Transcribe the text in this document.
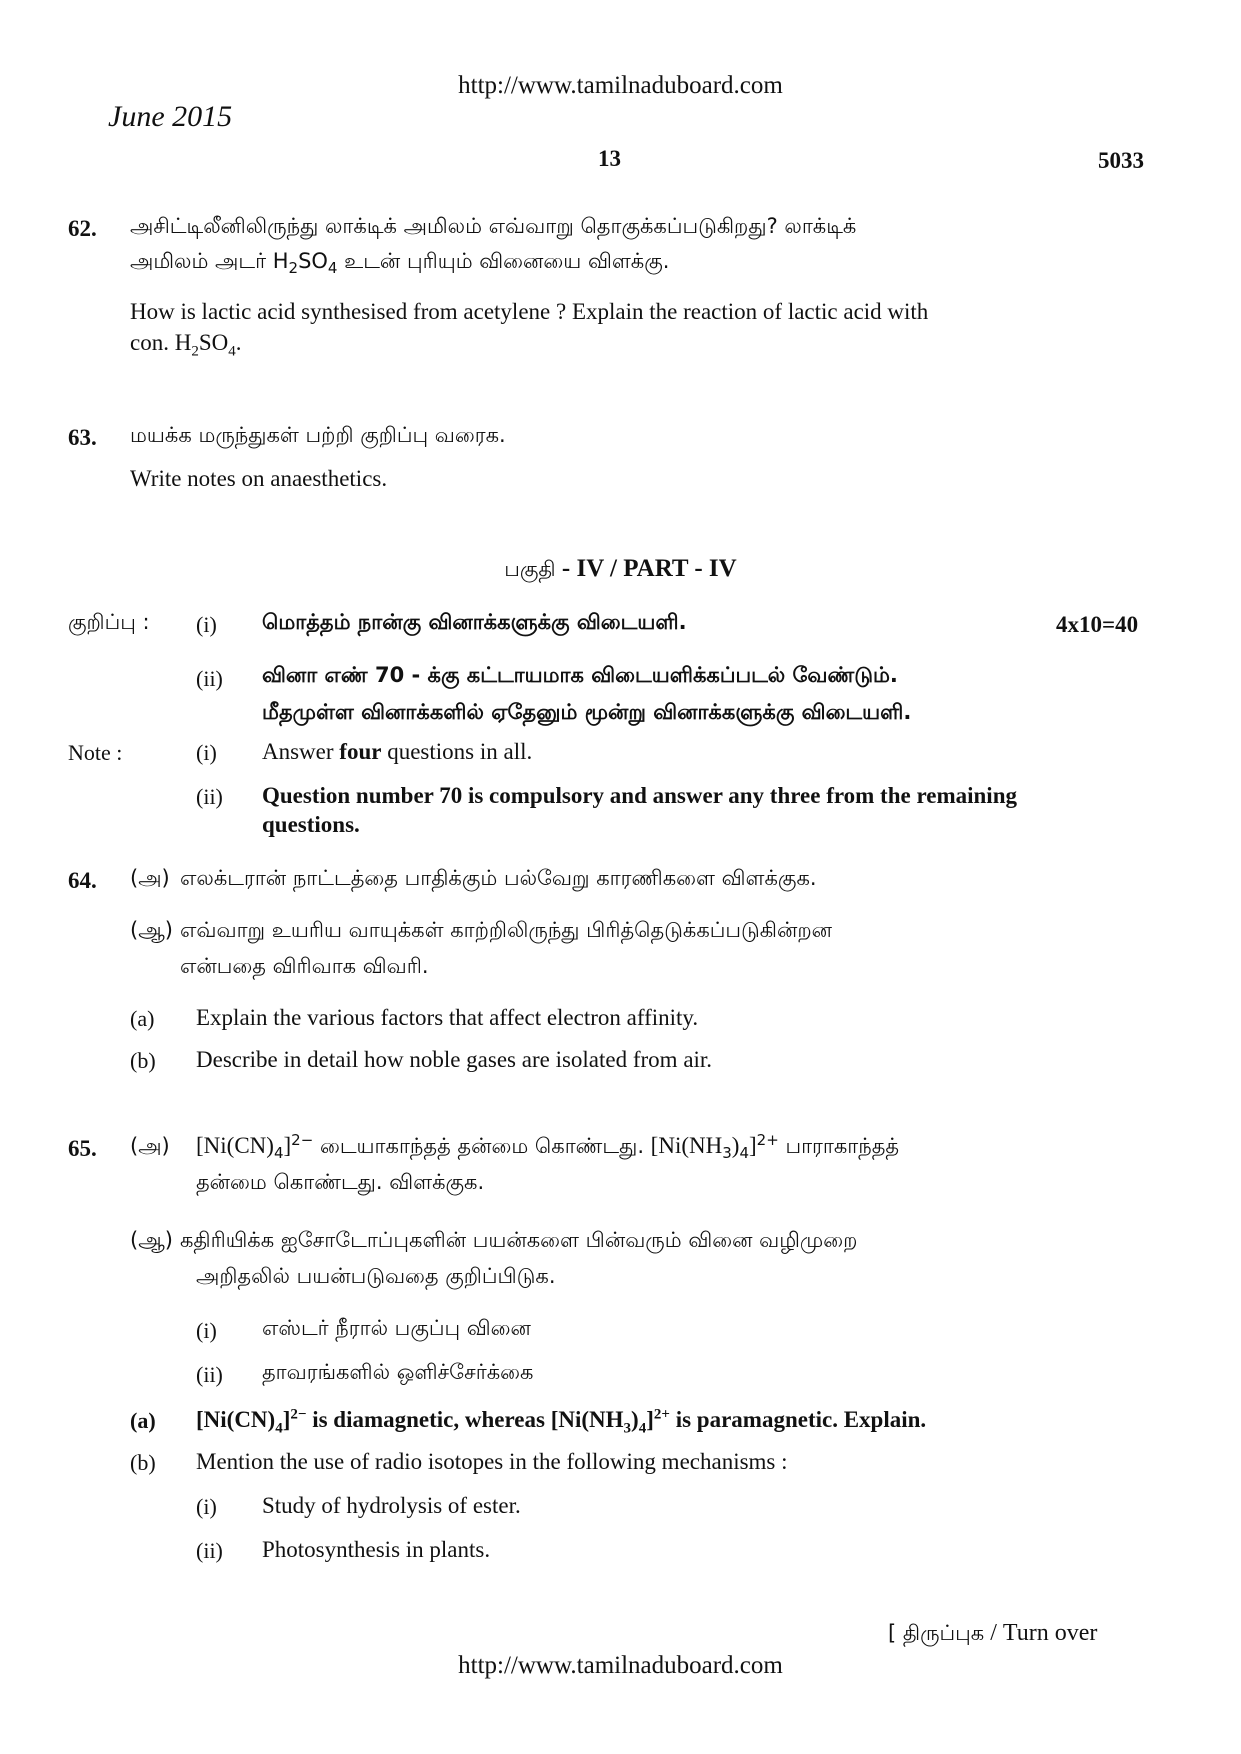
http://www.tamilnaduboard.com
June 2015
13	5033
62. அசிட்டிலீனிலிருந்து லாக்டிக் அமிலம் எவ்வாறு தொகுக்கப்படுகிறது? லாக்டிக்
அமிலம் அடர் $H_2SO_4$ உடன் புரியும் வினையை விளக்கு.
How is lactic acid synthesised from acetylene ? Explain the reaction of lactic acid with
con. $H_2SO_4$.
63. மயக்க மருந்துகள் பற்றி குறிப்பு வரைக.
Write notes on anaesthetics.
பகுதி - IV / PART - IV
குறிப்பு : (i) மொத்தம் நான்கு வினாக்களுக்கு விடையளி.	4x10=40
(ii) வினா எண் 70 - க்கு கட்டாயமாக விடையளிக்கப்படல் வேண்டும்.
மீதமுள்ள வினாக்களில் ஏதேனும் மூன்று வினாக்களுக்கு விடையளி.
Note :	(i) Answer four questions in all.
(ii) Question number 70 is compulsory and answer any three from the remaining
questions.
64. (அ) எலக்டரான் நாட்டத்தை பாதிக்கும் பல்வேறு காரணிகளை விளக்குக.
(ஆ) எவ்வாறு உயரிய வாயுக்கள் காற்றிலிருந்து பிரித்தெடுக்கப்படுகின்றன
என்பதை விரிவாக விவரி.
(a) Explain the various factors that affect electron affinity.
(b) Describe in detail how noble gases are isolated from air.
65. (அ) $[Ni(CN)_4]^{2-}$ டையாகாந்தத் தன்மை கொண்டது. $[Ni(NH_3)_4]^{2+}$ பாராகாந்தத்
தன்மை கொண்டது. விளக்குக.
(ஆ) கதிரியிக்க ஐசோடோப்புகளின் பயன்களை பின்வரும் வினை வழிமுறை
அறிதலில் பயன்படுவதை குறிப்பிடுக.
(i) எஸ்டர் நீரால் பகுப்பு வினை
(ii) தாவரங்களில் ஒளிச்சேர்க்கை
(a) $[Ni(CN)_4]^{2-}$ is diamagnetic, whereas $[Ni(NH_3)_4]^{2+}$ is paramagnetic. Explain.
(b) Mention the use of radio isotopes in the following mechanisms :
(i) Study of hydrolysis of ester.
(ii) Photosynthesis in plants.
[ திருப்புக / Turn over
http://www.tamilnaduboard.com
